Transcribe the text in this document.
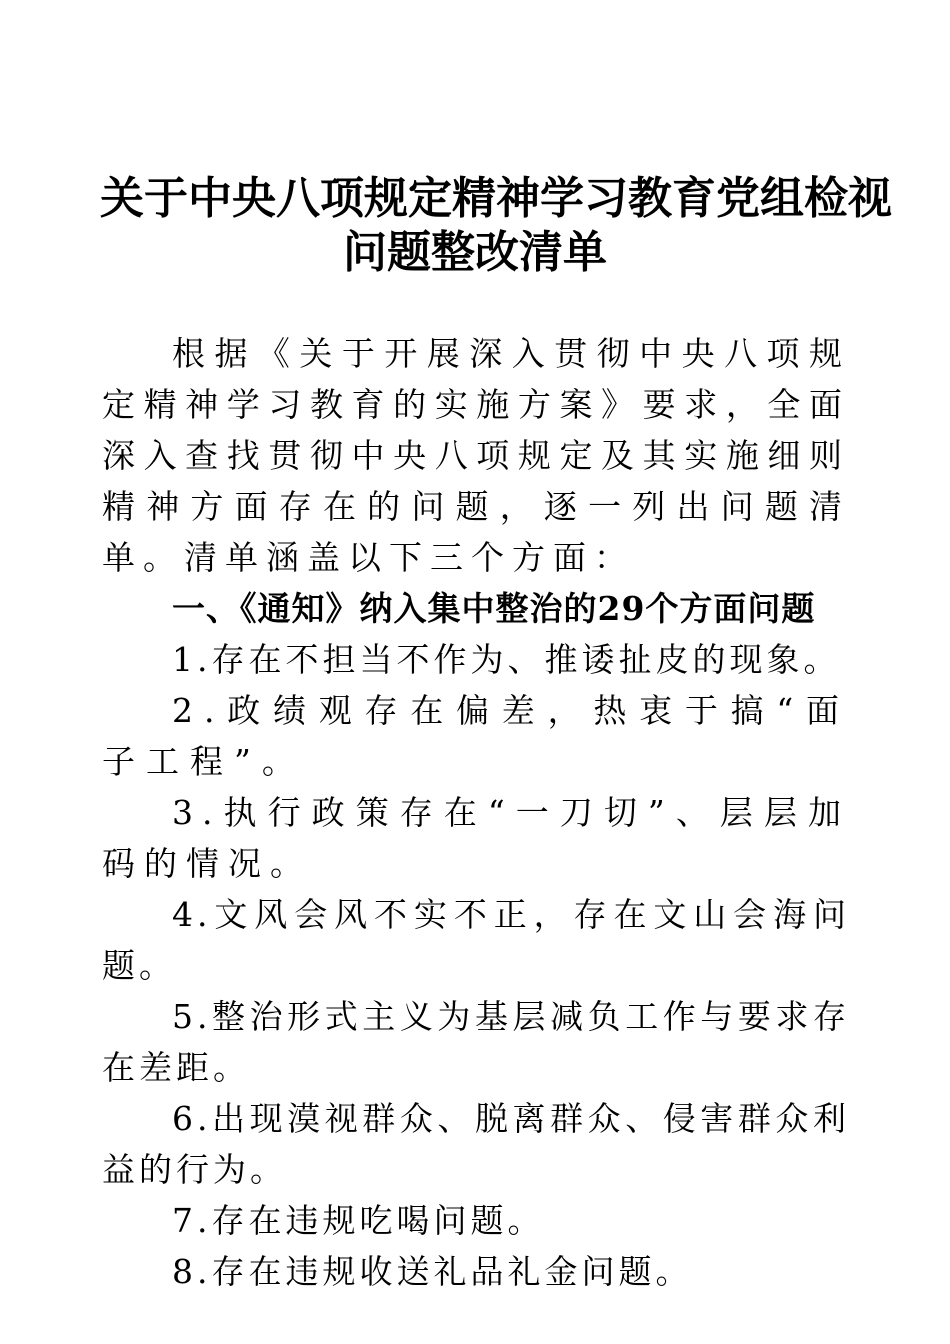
关于中央八项规定精神学习教育党组检视
问题整改清单

根据《关于开展深入贯彻中央八项规定精神学习教育的实施方案》要求，全面深入查找贯彻中央八项规定及其实施细则精神方面存在的问题，逐一列出问题清单。清单涵盖以下三个方面：

一、《通知》纳入集中整治的29个方面问题

1.存在不担当不作为、推诿扯皮的现象。

2.政绩观存在偏差，热衷于搞“面子工程”。

3.执行政策存在“一刀切”、层层加码的情况。

4.文风会风不实不正，存在文山会海问题。

5.整治形式主义为基层减负工作与要求存在差距。

6.出现漠视群众、脱离群众、侵害群众利益的行为。

7.存在违规吃喝问题。

8.存在违规收送礼品礼金问题。
